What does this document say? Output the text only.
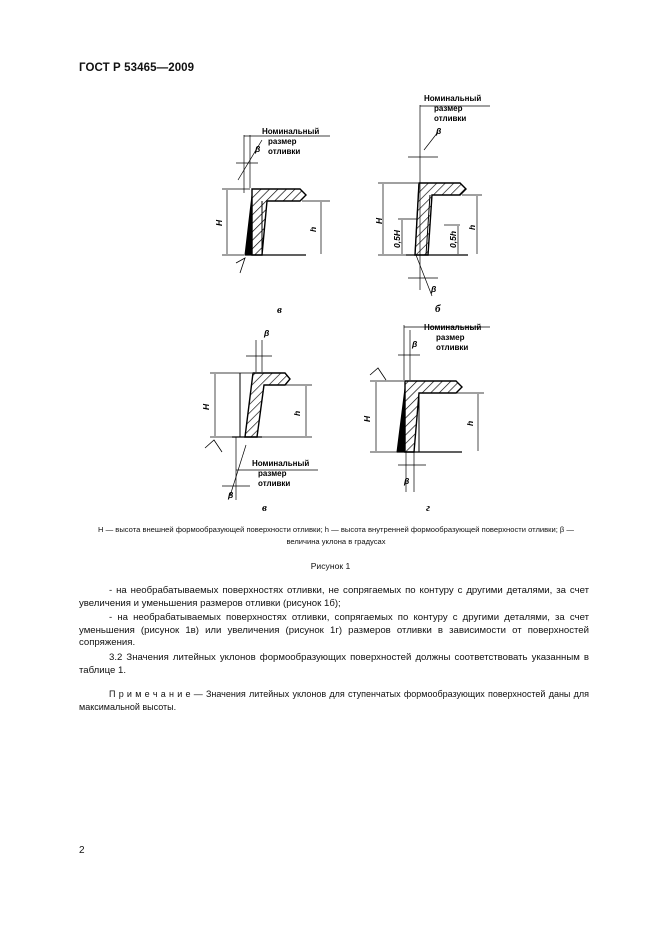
ГОСТ Р 53465—2009
Номинальный
размер
отливки
β
H
h
в
Номинальный
размер
отливки
β
H
0,5H
h
0,5h
β
б
β
H
h
Номинальный
размер
отливки
β
в
Номинальный
размер
отливки
β
H
h
β
г
H — высота внешней формообразующей поверхности отливки; h — высота внутренней формообразующей поверхности отливки; β — величина уклона в градусах
Рисунок 1
- на необрабатываемых поверхностях отливки, не сопрягаемых по контуру с другими деталями, за счет увеличения и уменьшения размеров отливки (рисунок 1б);
- на необрабатываемых поверхностях отливки, сопрягаемых по контуру с другими деталями, за счет уменьшения (рисунок 1в) или увеличения (рисунок 1г) размеров отливки в зависимости от поверхностей сопряжения.
3.2 Значения литейных уклонов формообразующих поверхностей должны соответствовать указанным в таблице 1.
П р и м е ч а н и е — Значения литейных уклонов для ступенчатых формообразующих поверхностей даны для максимальной высоты.
2
